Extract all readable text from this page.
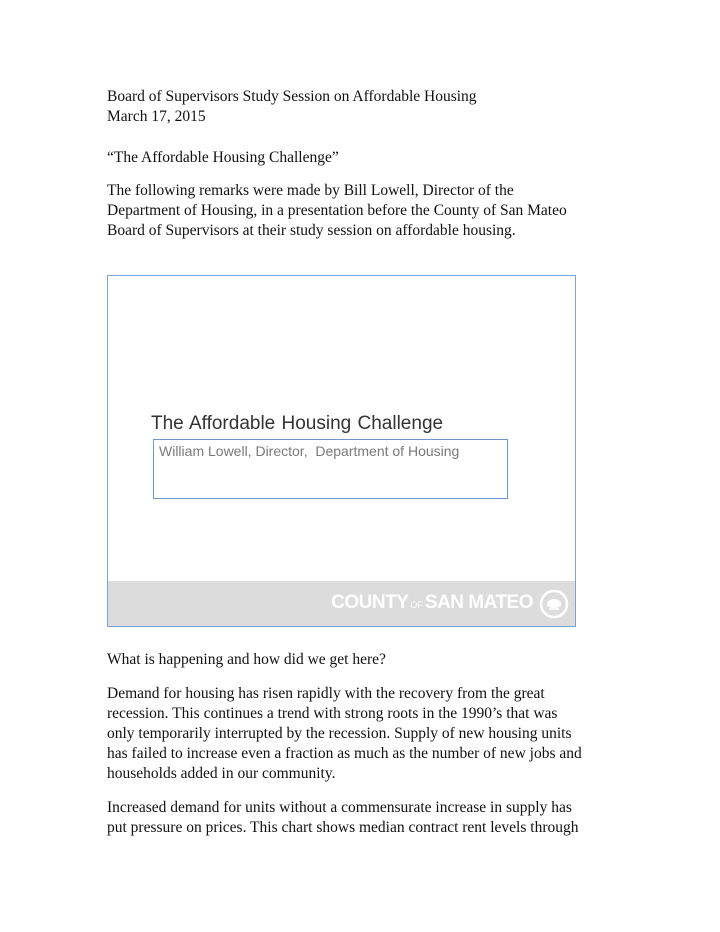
Board of Supervisors Study Session on Affordable Housing
March 17, 2015
“The Affordable Housing Challenge”
The following remarks were made by Bill Lowell, Director of the
Department of Housing, in a presentation before the County of San Mateo
Board of Supervisors at their study session on affordable housing.
The Affordable Housing Challenge
William Lowell, Director,  Department of Housing
COUNTY OF SAN MATEO
What is happening and how did we get here?
Demand for housing has risen rapidly with the recovery from the great
recession. This continues a trend with strong roots in the 1990’s that was
only temporarily interrupted by the recession. Supply of new housing units
has failed to increase even a fraction as much as the number of new jobs and
households added in our community.
Increased demand for units without a commensurate increase in supply has
put pressure on prices. This chart shows median contract rent levels through
